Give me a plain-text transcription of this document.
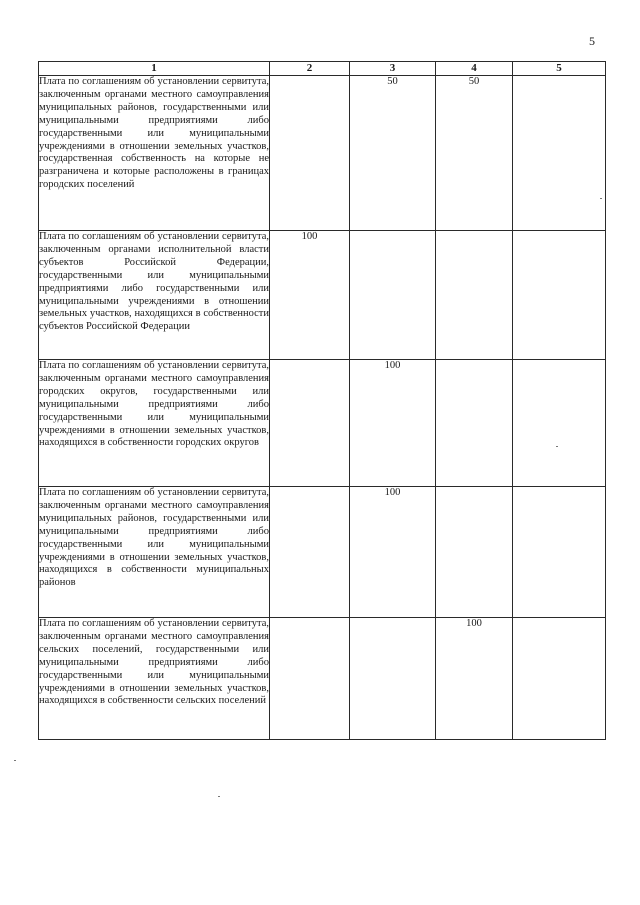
5
1	2	3	4	5
Плата по соглашениям об установлении сервитута, заключенным органами местного самоуправления муниципальных районов, государственными или муниципальными предприятиями либо государственными или муниципальными учреждениями в отношении земельных участков, государственная собственность на которые не разграничена и которые расположены в границах городских поселений		50	50	
Плата по соглашениям об установлении сервитута, заключенным органами исполнительной власти субъектов Российской Федерации, государственными или муниципальными предприятиями либо государственными или муниципальными учреждениями в отношении земельных участков, находящихся в собственности субъектов Российской Федерации	100			
Плата по соглашениям об установлении сервитута, заключенным органами местного самоуправления городских округов, государственными или муниципальными предприятиями либо государственными или муниципальными учреждениями в отношении земельных участков, находящихся в собственности городских округов		100		
Плата по соглашениям об установлении сервитута, заключенным органами местного самоуправления муниципальных районов, государственными или муниципальными предприятиями либо государственными или муниципальными учреждениями в отношении земельных участков, находящихся в собственности муниципальных районов		100		
Плата по соглашениям об установлении сервитута, заключенным органами местного самоуправления сельских поселений, государственными или муниципальными предприятиями либо государственными или муниципальными учреждениями в отношении земельных участков, находящихся в собственности сельских поселений			100	
